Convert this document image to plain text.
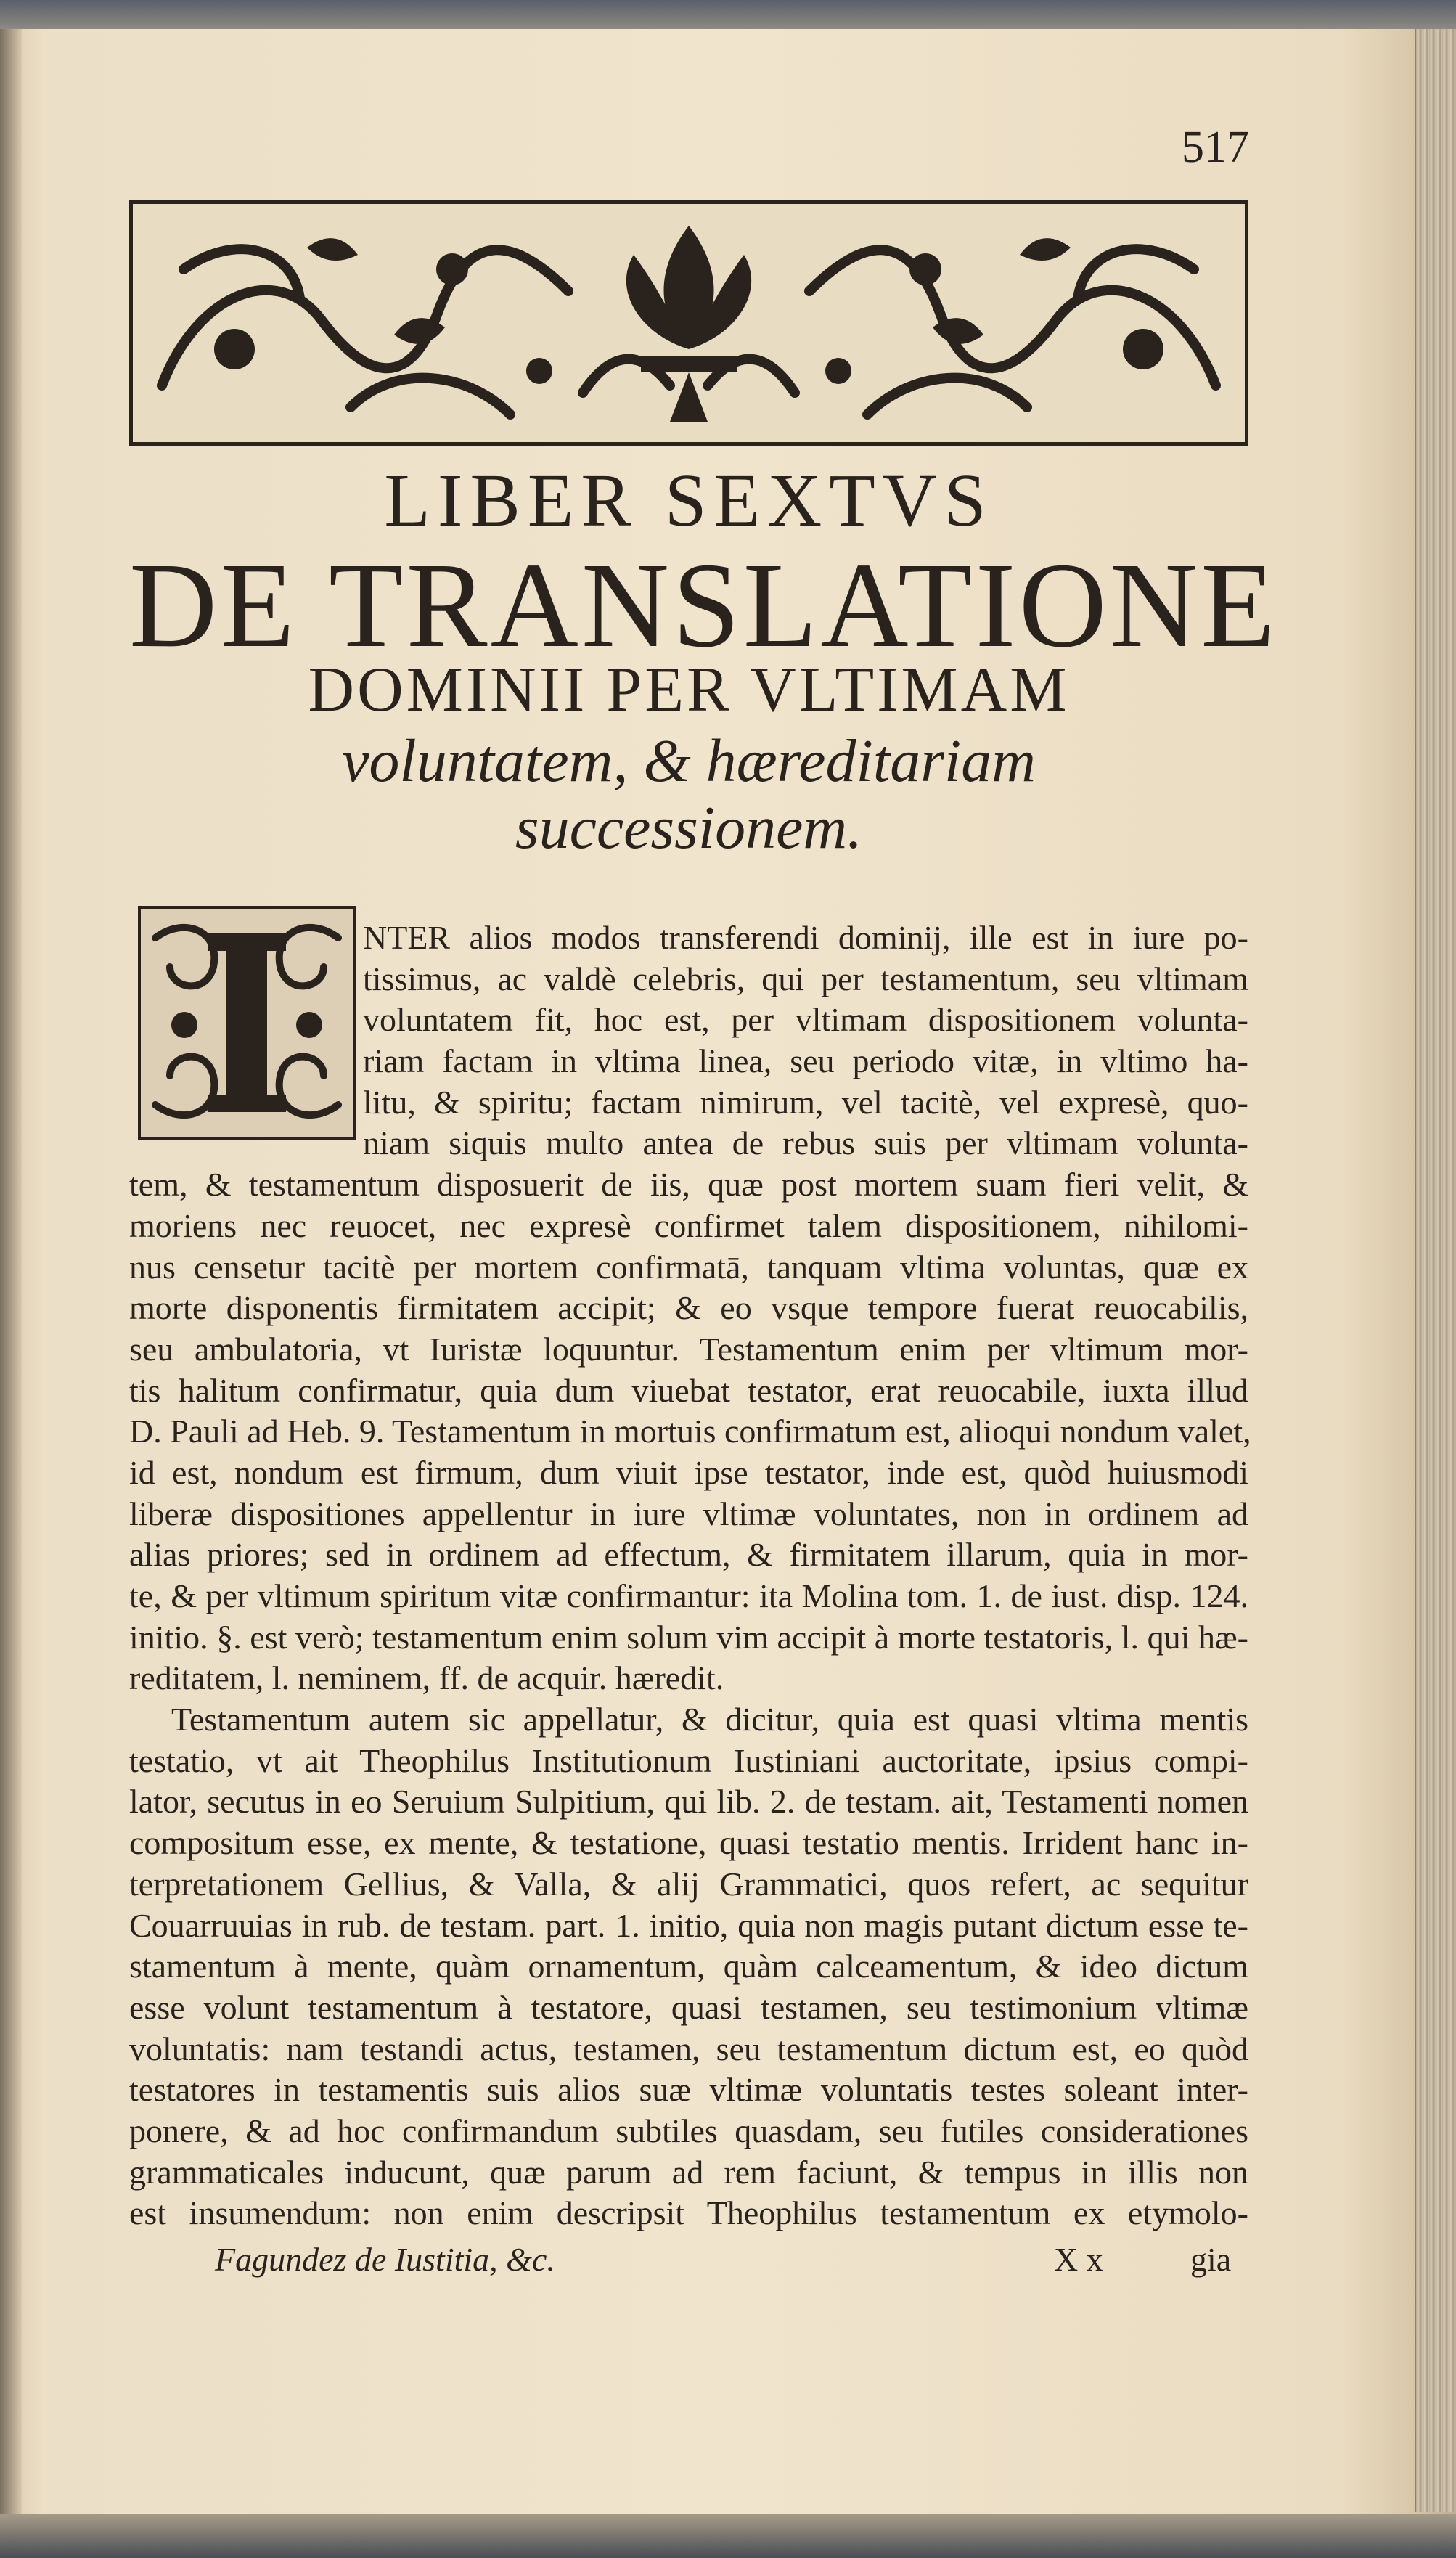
517
LIBER SEXTVS
DE TRANSLATIONE
DOMINII PER VLTIMAM
voluntatem, & hæreditariam
successionem.
NTER alios modos transferendi dominij, ille est in iure po-
tissimus, ac valdè celebris, qui per testamentum, seu vltimam
voluntatem fit, hoc est, per vltimam dispositionem volunta-
riam factam in vltima linea, seu periodo vitæ, in vltimo ha-
litu, & spiritu; factam nimirum, vel tacitè, vel expresè, quo-
niam siquis multo antea de rebus suis per vltimam volunta-
tem, & testamentum disposuerit de iis, quæ post mortem suam fieri velit, &
moriens nec reuocet, nec expresè confirmet talem dispositionem, nihilomi-
nus censetur tacitè per mortem confirmatā, tanquam vltima voluntas, quæ ex
morte disponentis firmitatem accipit; & eo vsque tempore fuerat reuocabilis,
seu ambulatoria, vt Iuristæ loquuntur. Testamentum enim per vltimum mor-
tis halitum confirmatur, quia dum viuebat testator, erat reuocabile, iuxta illud
D. Pauli ad Heb. 9. Testamentum in mortuis confirmatum est, alioqui nondum valet,
id est, nondum est firmum, dum viuit ipse testator, inde est, quòd huiusmodi
liberæ dispositiones appellentur in iure vltimæ voluntates, non in ordinem ad
alias priores; sed in ordinem ad effectum, & firmitatem illarum, quia in mor-
te, & per vltimum spiritum vitæ confirmantur: ita Molina tom. 1. de iust. disp. 124.
initio. §. est verò; testamentum enim solum vim accipit à morte testatoris, l. qui hæ-
reditatem, l. neminem, ff. de acquir. hæredit.
Testamentum autem sic appellatur, & dicitur, quia est quasi vltima mentis
testatio, vt ait Theophilus Institutionum Iustiniani auctoritate, ipsius compi-
lator, secutus in eo Seruium Sulpitium, qui lib. 2. de testam. ait, Testamenti nomen
compositum esse, ex mente, & testatione, quasi testatio mentis. Irrident hanc in-
terpretationem Gellius, & Valla, & alij Grammatici, quos refert, ac sequitur
Couarruuias in rub. de testam. part. 1. initio, quia non magis putant dictum esse te-
stamentum à mente, quàm ornamentum, quàm calceamentum, & ideo dictum
esse volunt testamentum à testatore, quasi testamen, seu testimonium vltimæ
voluntatis: nam testandi actus, testamen, seu testamentum dictum est, eo quòd
testatores in testamentis suis alios suæ vltimæ voluntatis testes soleant inter-
ponere, & ad hoc confirmandum subtiles quasdam, seu futiles considerationes
Fagundez de Iustitia, &c.	X x	gia
grammaticales inducunt, quæ parum ad rem faciunt, & tempus in illis non
est insumendum: non enim descripsit Theophilus testamentum ex etymolo-
